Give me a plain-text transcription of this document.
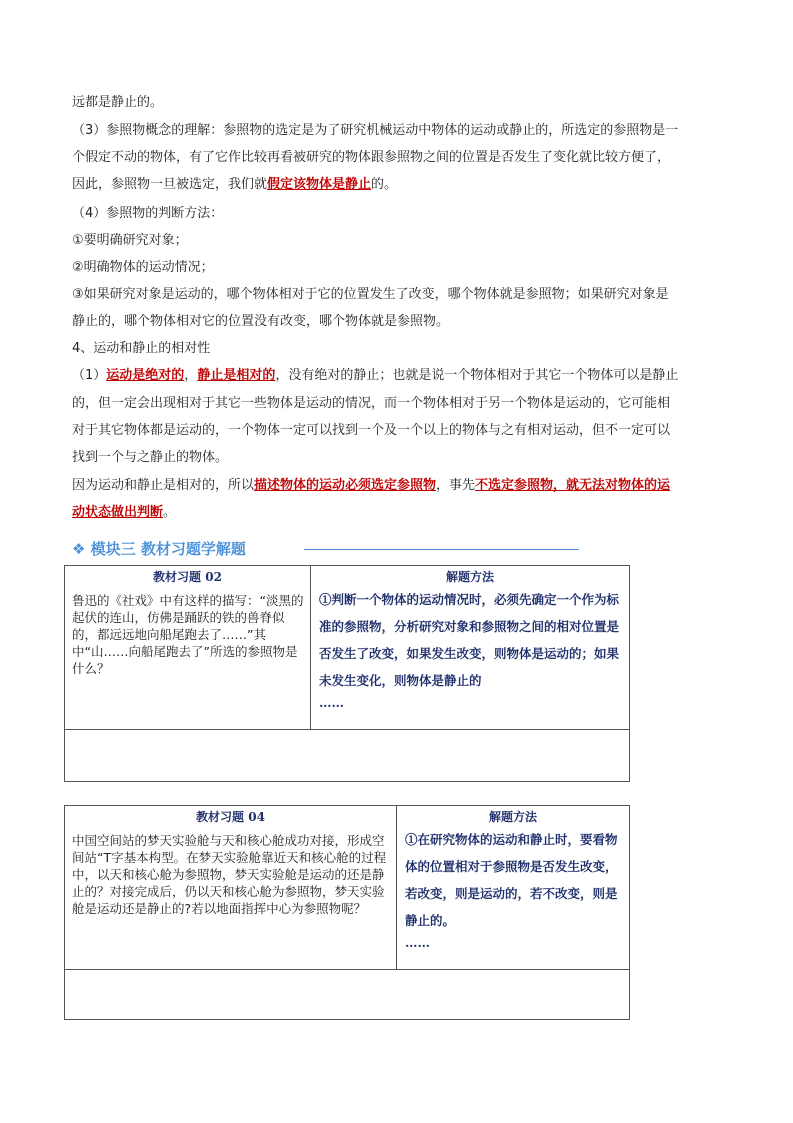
远都是静止的。
（3）参照物概念的理解：参照物的选定是为了研究机械运动中物体的运动或静止的，所选定的参照物是一
个假定不动的物体，有了它作比较再看被研究的物体跟参照物之间的位置是否发生了变化就比较方便了，
因此，参照物一旦被选定，我们就假定该物体是静止的。
（4）参照物的判断方法：
①要明确研究对象；
②明确物体的运动情况；
③如果研究对象是运动的，哪个物体相对于它的位置发生了改变，哪个物体就是参照物；如果研究对象是
静止的，哪个物体相对它的位置没有改变，哪个物体就是参照物。
4、运动和静止的相对性
（1）运动是绝对的，静止是相对的，没有绝对的静止；也就是说一个物体相对于其它一个物体可以是静止
的，但一定会出现相对于其它一些物体是运动的情况，而一个物体相对于另一个物体是运动的，它可能相
对于其它物体都是运动的，一个物体一定可以找到一个及一个以上的物体与之有相对运动，但不一定可以
找到一个与之静止的物体。
因为运动和静止是相对的，所以描述物体的运动必须选定参照物，事先不选定参照物，就无法对物体的运
动状态做出判断。
❖ 模块三 教材习题学解题
教材习题 02
鲁迅的《社戏》中有这样的描写：“淡黑的起伏的连山，仿佛是踊跃的铁的兽脊似的，都远远地向船尾跑去了……”其中“山……向船尾跑去了”所选的参照物是什么？
解题方法
①判断一个物体的运动情况时，必须先确定一个作为标准的参照物，分析研究对象和参照物之间的相对位置是否发生了改变，如果发生改变，则物体是运动的；如果未发生变化，则物体是静止的
……
教材习题 04
中国空间站的梦天实验舱与天和核心舱成功对接，形成空间站“T字基本构型。在梦天实验舱靠近天和核心舱的过程中，以天和核心舱为参照物，梦天实验舱是运动的还是静止的？对接完成后，仍以天和核心舱为参照物，梦天实验舱是运动还是静止的?若以地面指挥中心为参照物呢？
解题方法
①在研究物体的运动和静止时，要看物体的位置相对于参照物是否发生改变，若改变，则是运动的，若不改变，则是静止的。
……
